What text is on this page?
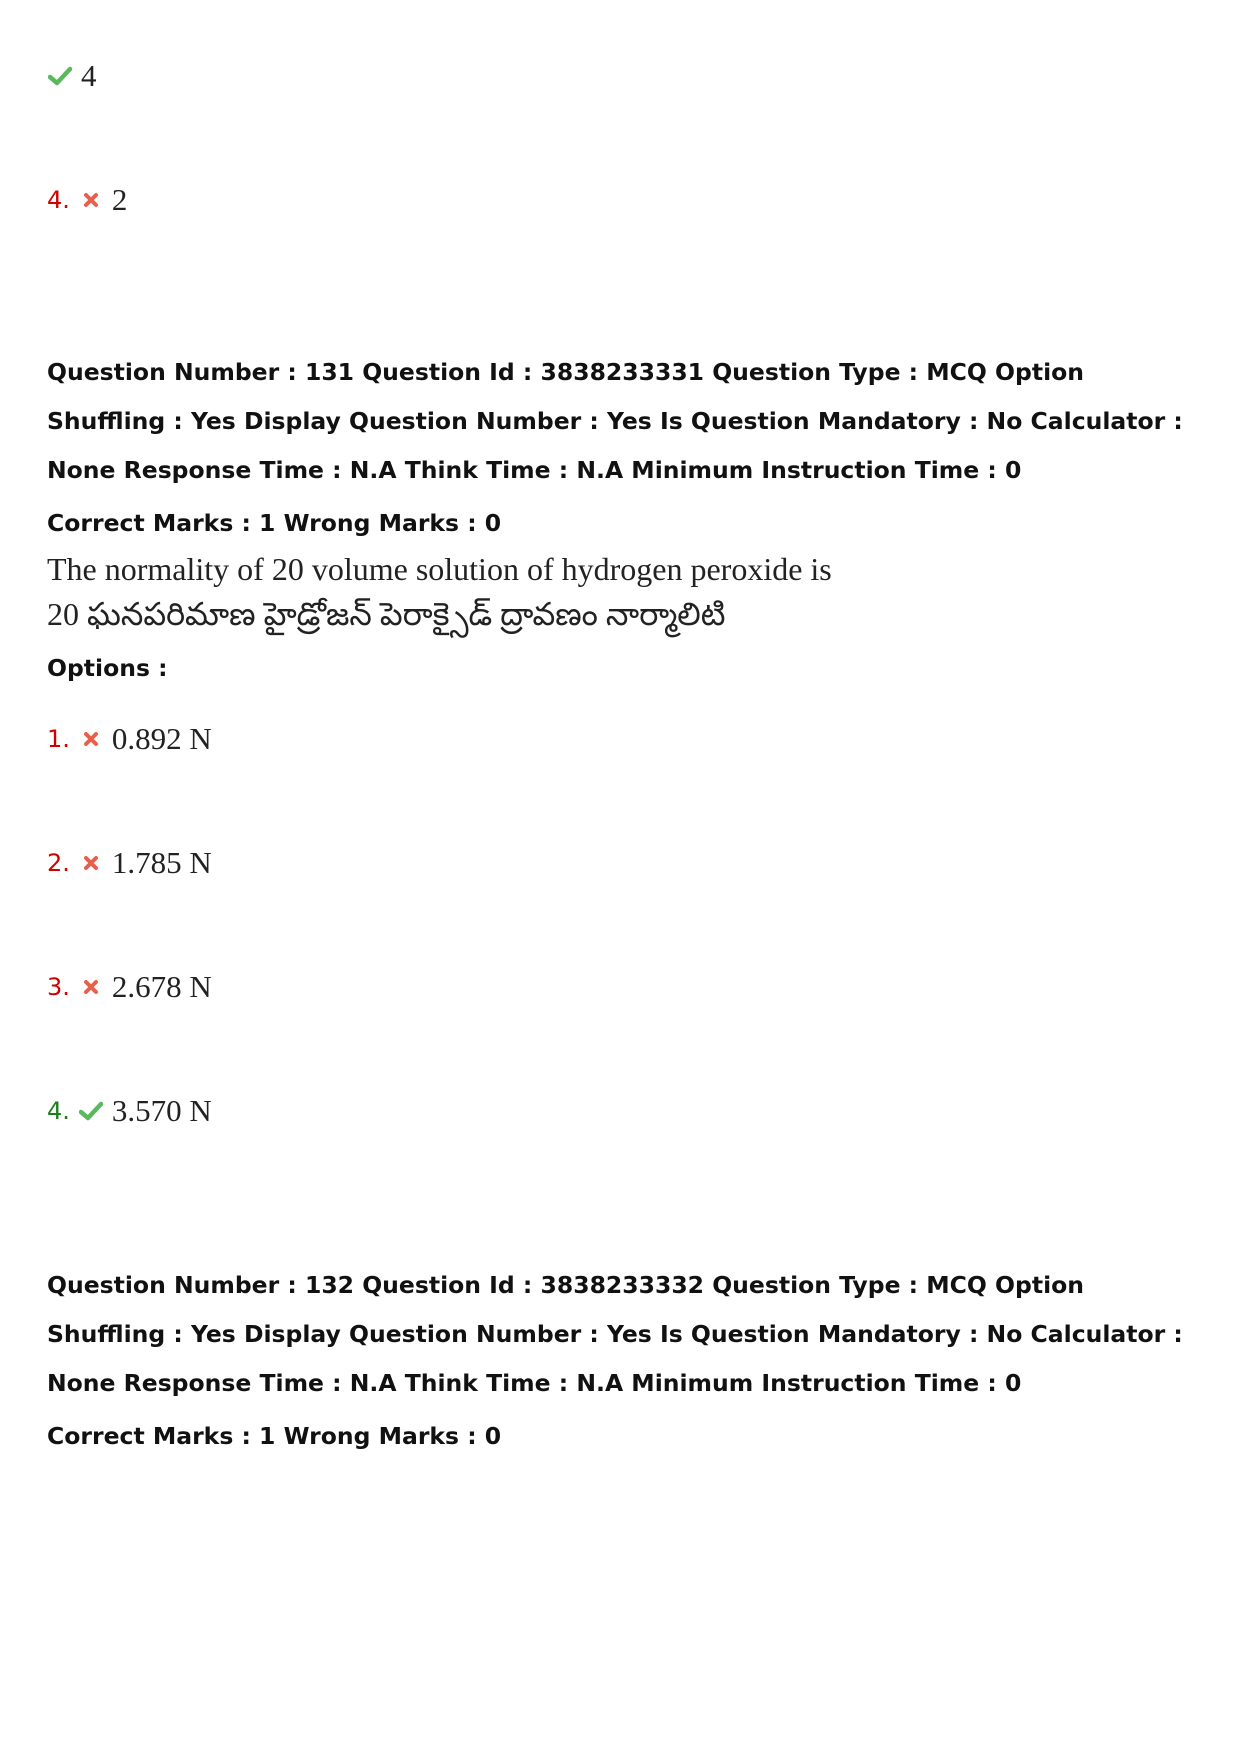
4
4. 2

Question Number : 131 Question Id : 3838233331 Question Type : MCQ Option Shuffling : Yes Display Question Number : Yes Is Question Mandatory : No Calculator : None Response Time : N.A Think Time : N.A Minimum Instruction Time : 0

Correct Marks : 1 Wrong Marks : 0
The normality of 20 volume solution of hydrogen peroxide is
20 ఘనపరిమాణ హైడ్రోజన్ పెరాక్సైడ్ ద్రావణం నార్మాలిటి
Options :
1. 0.892 N
2. 1.785 N
3. 2.678 N
4. 3.570 N

Question Number : 132 Question Id : 3838233332 Question Type : MCQ Option Shuffling : Yes Display Question Number : Yes Is Question Mandatory : No Calculator : None Response Time : N.A Think Time : N.A Minimum Instruction Time : 0

Correct Marks : 1 Wrong Marks : 0
